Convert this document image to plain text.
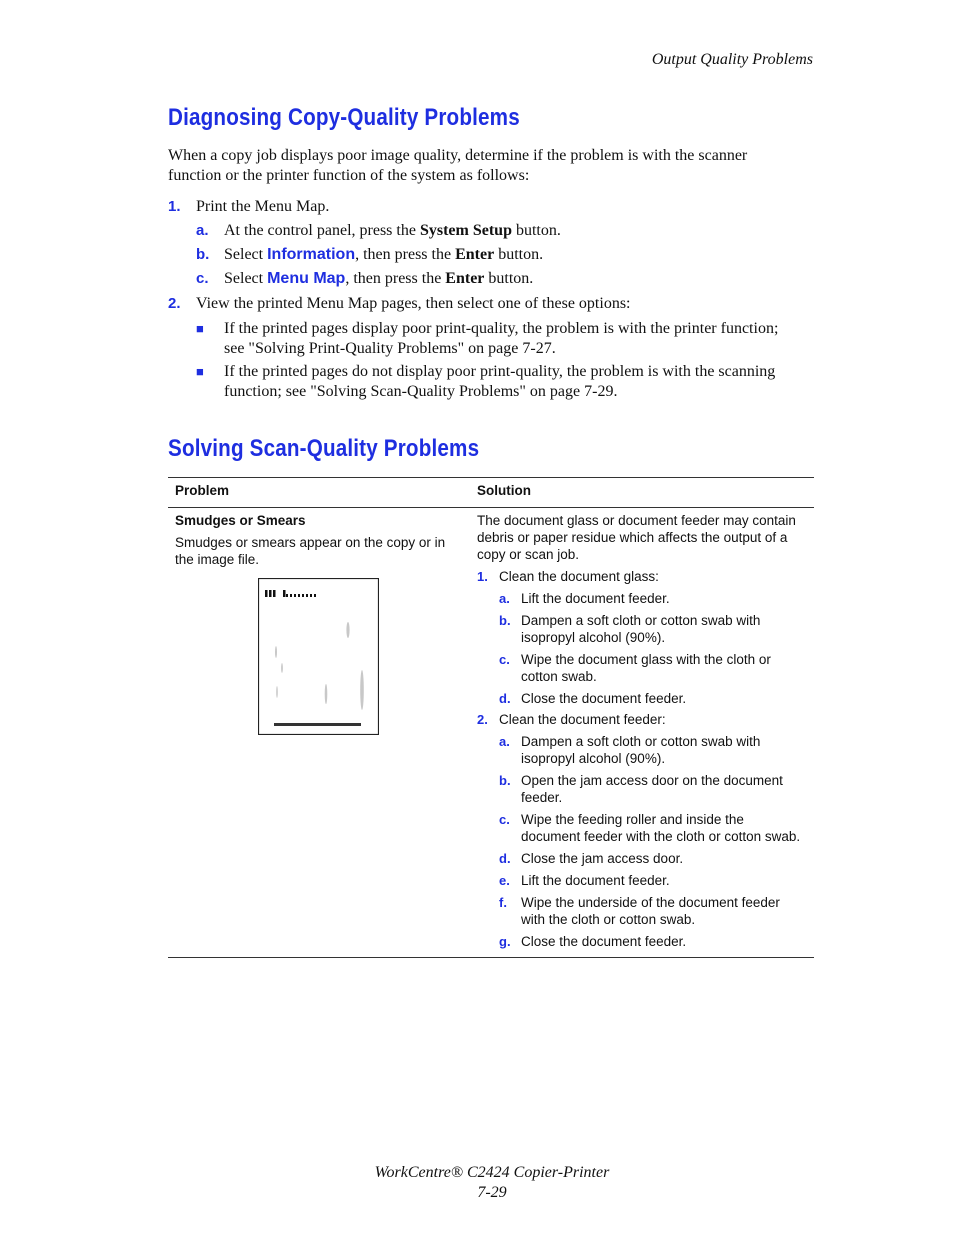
Output Quality Problems
Diagnosing Copy-Quality Problems
When a copy job displays poor image quality, determine if the problem is with the scanner
function or the printer function of the system as follows:
1. Print the Menu Map.
a. At the control panel, press the System Setup button.
b. Select Information, then press the Enter button.
c. Select Menu Map, then press the Enter button.
2. View the printed Menu Map pages, then select one of these options:
■ If the printed pages display poor print-quality, the problem is with the printer function;
see "Solving Print-Quality Problems" on page 7-27.
■ If the printed pages do not display poor print-quality, the problem is with the scanning
function; see "Solving Scan-Quality Problems" on page 7-29.
Solving Scan-Quality Problems
Problem	Solution
Smudges or Smears
Smudges or smears appear on the copy or in
the image file.
The document glass or document feeder may contain
debris or paper residue which affects the output of a
copy or scan job.
1. Clean the document glass:
a. Lift the document feeder.
b. Dampen a soft cloth or cotton swab with
isopropyl alcohol (90%).
c. Wipe the document glass with the cloth or
cotton swab.
d. Close the document feeder.
2. Clean the document feeder:
a. Dampen a soft cloth or cotton swab with
isopropyl alcohol (90%).
b. Open the jam access door on the document
feeder.
c. Wipe the feeding roller and inside the
document feeder with the cloth or cotton swab.
d. Close the jam access door.
e. Lift the document feeder.
f. Wipe the underside of the document feeder
with the cloth or cotton swab.
g. Close the document feeder.
WorkCentre® C2424 Copier-Printer
7-29
